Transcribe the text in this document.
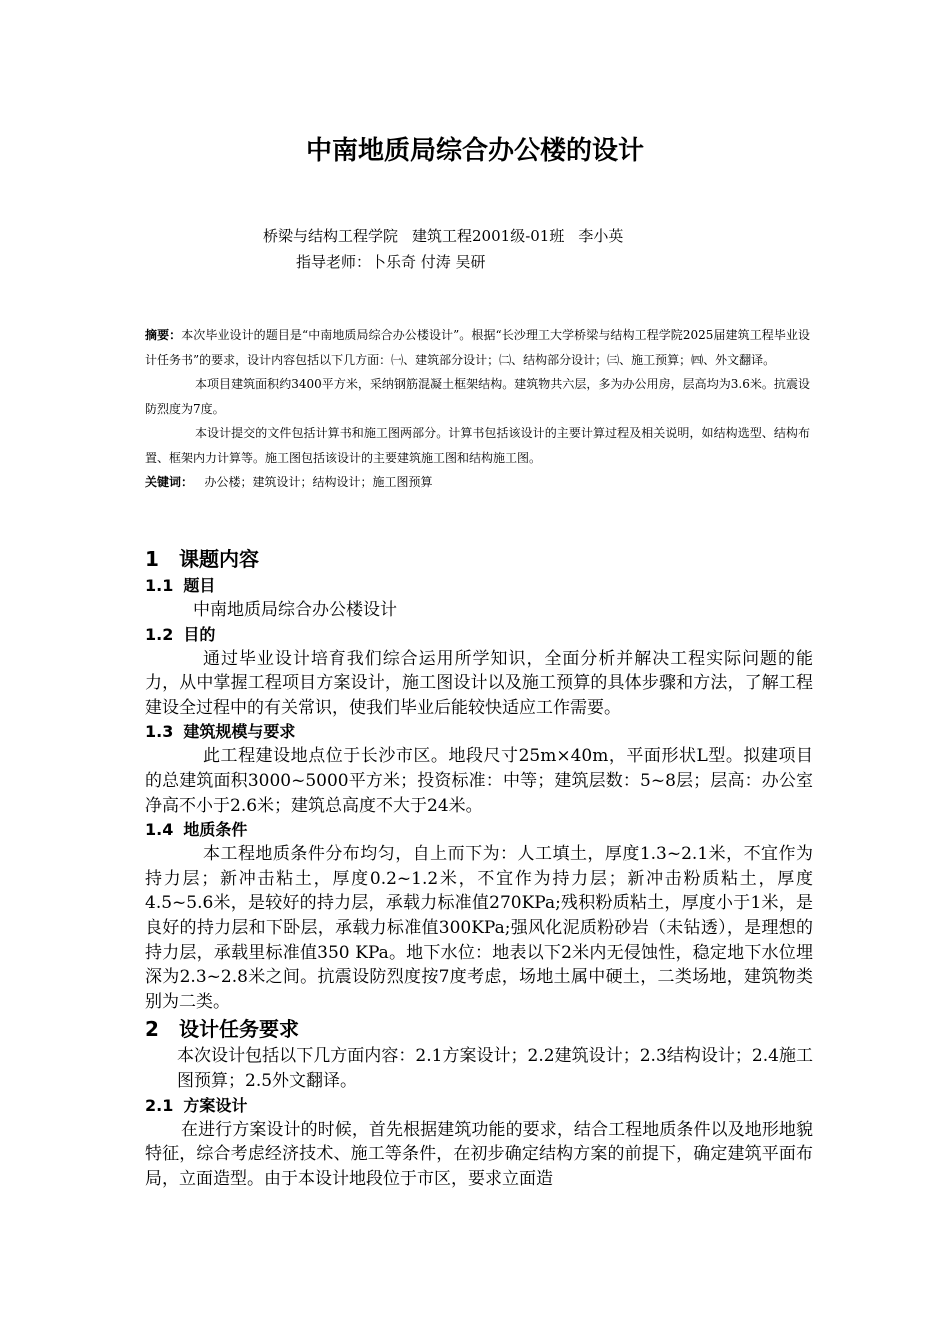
中南地质局综合办公楼的设计
桥梁与结构工程学院 建筑工程2001级-01班 李小英
指导老师：卜乐奇 付涛 吴研

摘要：本次毕业设计的题目是“中南地质局综合办公楼设计”。根据“长沙理工大学桥梁与结构工程学院2025届建筑工程毕业设计任务书”的要求，设计内容包括以下几方面：㈠、建筑部分设计；㈡、结构部分设计；㈢、施工预算；㈣、外文翻译。

本项目建筑面积约3400平方米，采纳钢筋混凝土框架结构。建筑物共六层，多为办公用房，层高均为3.6米。抗震设防烈度为7度。

本设计提交的文件包括计算书和施工图两部分。计算书包括该设计的主要计算过程及相关说明，如结构选型、结构布置、框架内力计算等。施工图包括该设计的主要建筑施工图和结构施工图。

关键词： 办公楼；建筑设计；结构设计；施工图预算

1 课题内容
1.1 题目

中南地质局综合办公楼设计

1.2 目的

通过毕业设计培育我们综合运用所学知识，全面分析并解决工程实际问题的能力，从中掌握工程项目方案设计，施工图设计以及施工预算的具体步骤和方法，了解工程建设全过程中的有关常识，使我们毕业后能较快适应工作需要。

1.3 建筑规模与要求

此工程建设地点位于长沙市区。地段尺寸25m×40m，平面形状L型。拟建项目的总建筑面积3000~5000平方米；投资标准：中等；建筑层数：5~8层；层高：办公室净高不小于2.6米；建筑总高度不大于24米。

1.4 地质条件

本工程地质条件分布均匀，自上而下为：人工填土，厚度1.3~2.1米，不宜作为持力层；新冲击粘土，厚度0.2~1.2米，不宜作为持力层；新冲击粉质粘土，厚度4.5~5.6米，是较好的持力层，承载力标准值270KPa;残积粉质粘土，厚度小于1米，是良好的持力层和下卧层，承载力标准值300KPa;强风化泥质粉砂岩（未钻透），是理想的持力层，承载里标准值350 KPa。地下水位：地表以下2米内无侵蚀性，稳定地下水位埋深为2.3~2.8米之间。抗震设防烈度按7度考虑，场地土属中硬土，二类场地，建筑物类别为二类。

2 设计任务要求

本次设计包括以下几方面内容：2.1方案设计；2.2建筑设计；2.3结构设计；2.4施工图预算；2.5外文翻译。

2.1 方案设计

在进行方案设计的时候，首先根据建筑功能的要求，结合工程地质条件以及地形地貌特征，综合考虑经济技术、施工等条件，在初步确定结构方案的前提下，确定建筑平面布局，立面造型。由于本设计地段位于市区，要求立面造
